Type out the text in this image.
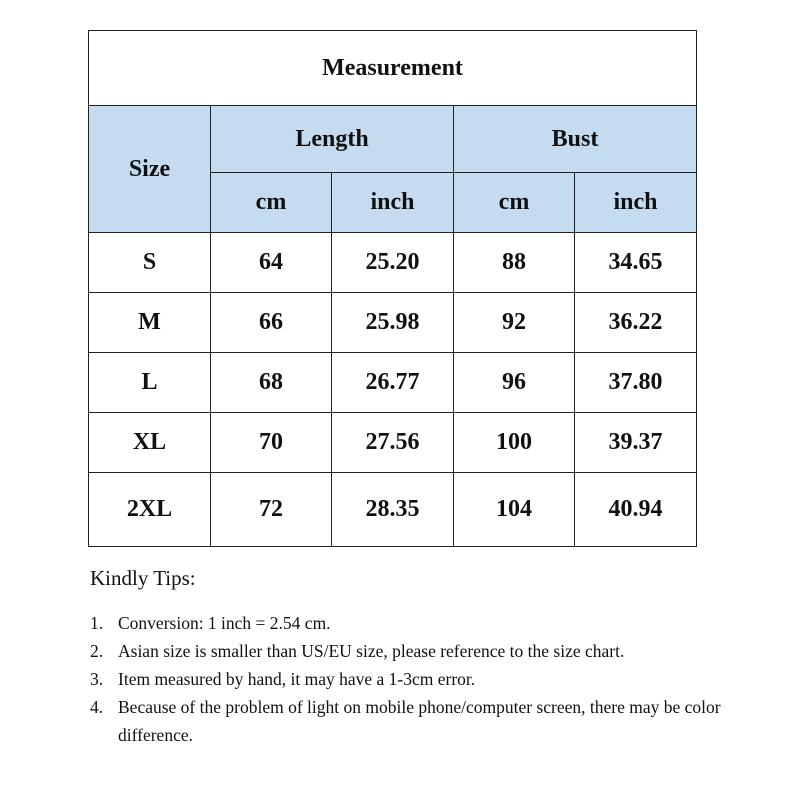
Measurement				
Size	Length		Bust	
	cm	inch	cm	inch
S	64	25.20	88	34.65
M	66	25.98	92	36.22
L	68	26.77	96	37.80
XL	70	27.56	100	39.37
2XL	72	28.35	104	40.94
Kindly Tips:
1. Conversion: 1 inch = 2.54 cm.
2. Asian size is smaller than US/EU size, please reference to the size chart.
3. Item measured by hand, it may have a 1-3cm error.
4. Because of the problem of light on mobile phone/computer screen, there may be color difference.
